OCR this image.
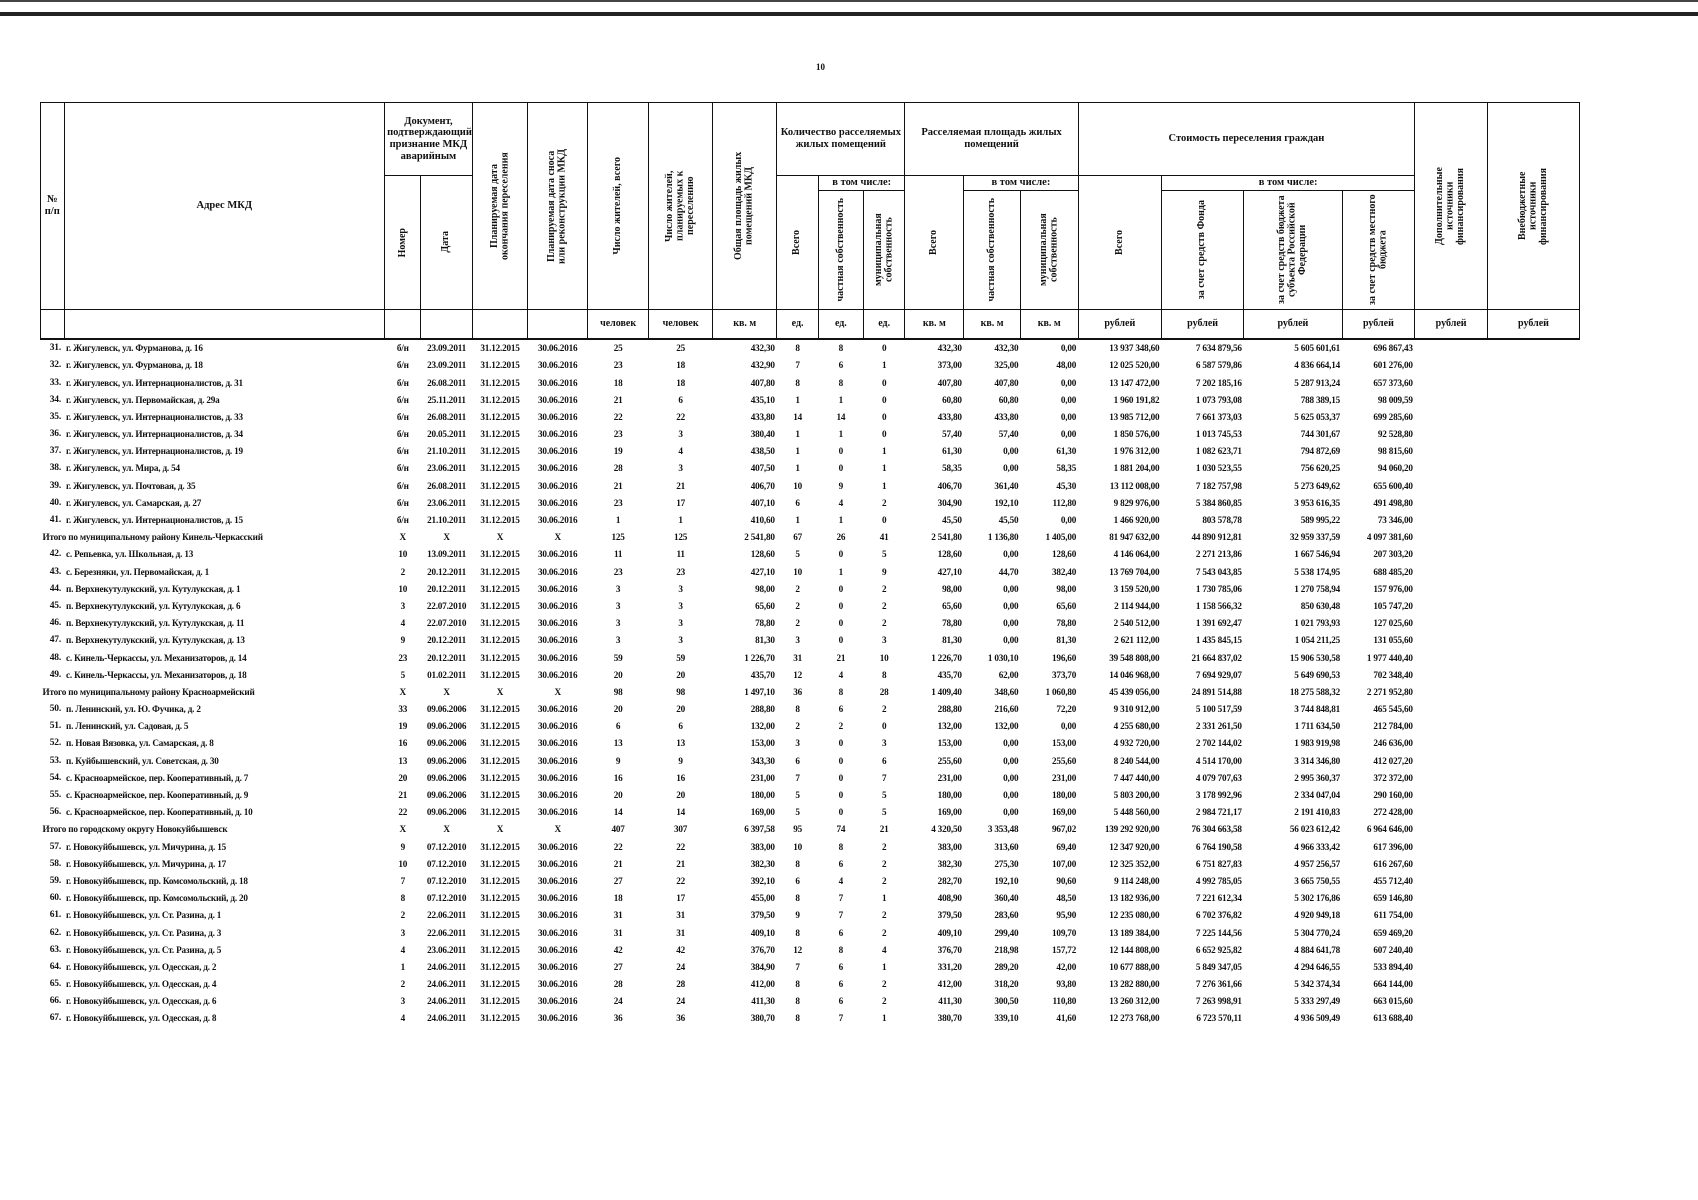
10
№ п/п	Адрес МКД	Документ, подтверждающий признание МКД аварийным		Планируемая дата окончания переселения	Планируемая дата сноса или реконструкции МКД	Число жителей, всего	Число жителей, планируемых к переселению	Общая площадь жилых помещений МКД	Количество расселяемых жилых помещений			Расселяемая площадь жилых помещений			Стоимость переселения граждан				Дополнительные источники финансирования	Внебюджетные источники финансирования

		Номер	Дата						Всего	в том числе:		Всего	в том числе:		Всего	в том числе:				

										частная собственность	муниципальная собственность		частная собственность	муниципальная собственность		за счет средств Фонда	за счет средств бюджета субъекта Российской Федерации	за счет средств местного бюджета		

						человек	человек	кв. м	ед.	ед.	ед.	кв. м	кв. м	кв. м	рублей	рублей	рублей	рублей	рублей	рублей
31.	г. Жигулевск, ул. Фурманова, д. 16	б/н	23.09.2011	31.12.2015	30.06.2016	25	25	432,30	8	8	0	432,30	432,30	0,00	13 937 348,60	7 634 879,56	5 605 601,61	696 867,43		
32.	г. Жигулевск, ул. Фурманова, д. 18	б/н	23.09.2011	31.12.2015	30.06.2016	23	18	432,90	7	6	1	373,00	325,00	48,00	12 025 520,00	6 587 579,86	4 836 664,14	601 276,00		
33.	г. Жигулевск, ул. Интернационалистов, д. 31	б/н	26.08.2011	31.12.2015	30.06.2016	18	18	407,80	8	8	0	407,80	407,80	0,00	13 147 472,00	7 202 185,16	5 287 913,24	657 373,60		
34.	г. Жигулевск, ул. Первомайская, д. 29а	б/н	25.11.2011	31.12.2015	30.06.2016	21	6	435,10	1	1	0	60,80	60,80	0,00	1 960 191,82	1 073 793,08	788 389,15	98 009,59		
35.	г. Жигулевск, ул. Интернационалистов, д. 33	б/н	26.08.2011	31.12.2015	30.06.2016	22	22	433,80	14	14	0	433,80	433,80	0,00	13 985 712,00	7 661 373,03	5 625 053,37	699 285,60		
36.	г. Жигулевск, ул. Интернационалистов, д. 34	б/н	20.05.2011	31.12.2015	30.06.2016	23	3	380,40	1	1	0	57,40	57,40	0,00	1 850 576,00	1 013 745,53	744 301,67	92 528,80		
37.	г. Жигулевск, ул. Интернационалистов, д. 19	б/н	21.10.2011	31.12.2015	30.06.2016	19	4	438,50	1	0	1	61,30	0,00	61,30	1 976 312,00	1 082 623,71	794 872,69	98 815,60		
38.	г. Жигулевск, ул. Мира, д. 54	б/н	23.06.2011	31.12.2015	30.06.2016	28	3	407,50	1	0	1	58,35	0,00	58,35	1 881 204,00	1 030 523,55	756 620,25	94 060,20		
39.	г. Жигулевск, ул. Почтовая, д. 35	б/н	26.08.2011	31.12.2015	30.06.2016	21	21	406,70	10	9	1	406,70	361,40	45,30	13 112 008,00	7 182 757,98	5 273 649,62	655 600,40		
40.	г. Жигулевск, ул. Самарская, д. 27	б/н	23.06.2011	31.12.2015	30.06.2016	23	17	407,10	6	4	2	304,90	192,10	112,80	9 829 976,00	5 384 860,85	3 953 616,35	491 498,80		
41.	г. Жигулевск, ул. Интернационалистов, д. 15	б/н	21.10.2011	31.12.2015	30.06.2016	1	1	410,60	1	1	0	45,50	45,50	0,00	1 466 920,00	803 578,78	589 995,22	73 346,00		
Итого по муниципальному району Кинель-Черкасский		X	X	X	X	125	125	2 541,80	67	26	41	2 541,80	1 136,80	1 405,00	81 947 632,00	44 890 912,81	32 959 337,59	4 097 381,60		
42.	с. Репьевка, ул. Школьная, д. 13	10	13.09.2011	31.12.2015	30.06.2016	11	11	128,60	5	0	5	128,60	0,00	128,60	4 146 064,00	2 271 213,86	1 667 546,94	207 303,20		
43.	с. Березняки, ул. Первомайская, д. 1	2	20.12.2011	31.12.2015	30.06.2016	23	23	427,10	10	1	9	427,10	44,70	382,40	13 769 704,00	7 543 043,85	5 538 174,95	688 485,20		
44.	п. Верхнекутулукский, ул. Кутулукская, д. 1	10	20.12.2011	31.12.2015	30.06.2016	3	3	98,00	2	0	2	98,00	0,00	98,00	3 159 520,00	1 730 785,06	1 270 758,94	157 976,00		
45.	п. Верхнекутулукский, ул. Кутулукская, д. 6	3	22.07.2010	31.12.2015	30.06.2016	3	3	65,60	2	0	2	65,60	0,00	65,60	2 114 944,00	1 158 566,32	850 630,48	105 747,20		
46.	п. Верхнекутулукский, ул. Кутулукская, д. 11	4	22.07.2010	31.12.2015	30.06.2016	3	3	78,80	2	0	2	78,80	0,00	78,80	2 540 512,00	1 391 692,47	1 021 793,93	127 025,60		
47.	п. Верхнекутулукский, ул. Кутулукская, д. 13	9	20.12.2011	31.12.2015	30.06.2016	3	3	81,30	3	0	3	81,30	0,00	81,30	2 621 112,00	1 435 845,15	1 054 211,25	131 055,60		
48.	с. Кинель-Черкассы, ул. Механизаторов, д. 14	23	20.12.2011	31.12.2015	30.06.2016	59	59	1 226,70	31	21	10	1 226,70	1 030,10	196,60	39 548 808,00	21 664 837,02	15 906 530,58	1 977 440,40		
49.	с. Кинель-Черкассы, ул. Механизаторов, д. 18	5	01.02.2011	31.12.2015	30.06.2016	20	20	435,70	12	4	8	435,70	62,00	373,70	14 046 968,00	7 694 929,07	5 649 690,53	702 348,40		
Итого по муниципальному району Красноармейский		X	X	X	X	98	98	1 497,10	36	8	28	1 409,40	348,60	1 060,80	45 439 056,00	24 891 514,88	18 275 588,32	2 271 952,80		
50.	п. Ленинский, ул. Ю. Фучика, д. 2	33	09.06.2006	31.12.2015	30.06.2016	20	20	288,80	8	6	2	288,80	216,60	72,20	9 310 912,00	5 100 517,59	3 744 848,81	465 545,60		
51.	п. Ленинский, ул. Садовая, д. 5	19	09.06.2006	31.12.2015	30.06.2016	6	6	132,00	2	2	0	132,00	132,00	0,00	4 255 680,00	2 331 261,50	1 711 634,50	212 784,00		
52.	п. Новая Вязовка, ул. Самарская, д. 8	16	09.06.2006	31.12.2015	30.06.2016	13	13	153,00	3	0	3	153,00	0,00	153,00	4 932 720,00	2 702 144,02	1 983 919,98	246 636,00		
53.	п. Куйбышевский, ул. Советская, д. 30	13	09.06.2006	31.12.2015	30.06.2016	9	9	343,30	6	0	6	255,60	0,00	255,60	8 240 544,00	4 514 170,00	3 314 346,80	412 027,20		
54.	с. Красноармейское, пер. Кооперативный, д. 7	20	09.06.2006	31.12.2015	30.06.2016	16	16	231,00	7	0	7	231,00	0,00	231,00	7 447 440,00	4 079 707,63	2 995 360,37	372 372,00		
55.	с. Красноармейское, пер. Кооперативный, д. 9	21	09.06.2006	31.12.2015	30.06.2016	20	20	180,00	5	0	5	180,00	0,00	180,00	5 803 200,00	3 178 992,96	2 334 047,04	290 160,00		
56.	с. Красноармейское, пер. Кооперативный, д. 10	22	09.06.2006	31.12.2015	30.06.2016	14	14	169,00	5	0	5	169,00	0,00	169,00	5 448 560,00	2 984 721,17	2 191 410,83	272 428,00		
Итого по городскому округу Новокуйбышевск		X	X	X	X	407	307	6 397,58	95	74	21	4 320,50	3 353,48	967,02	139 292 920,00	76 304 663,58	56 023 612,42	6 964 646,00		
57.	г. Новокуйбышевск, ул. Мичурина, д. 15	9	07.12.2010	31.12.2015	30.06.2016	22	22	383,00	10	8	2	383,00	313,60	69,40	12 347 920,00	6 764 190,58	4 966 333,42	617 396,00		
58.	г. Новокуйбышевск, ул. Мичурина, д. 17	10	07.12.2010	31.12.2015	30.06.2016	21	21	382,30	8	6	2	382,30	275,30	107,00	12 325 352,00	6 751 827,83	4 957 256,57	616 267,60		
59.	г. Новокуйбышевск, пр. Комсомольский, д. 18	7	07.12.2010	31.12.2015	30.06.2016	27	22	392,10	6	4	2	282,70	192,10	90,60	9 114 248,00	4 992 785,05	3 665 750,55	455 712,40		
60.	г. Новокуйбышевск, пр. Комсомольский, д. 20	8	07.12.2010	31.12.2015	30.06.2016	18	17	455,00	8	7	1	408,90	360,40	48,50	13 182 936,00	7 221 612,34	5 302 176,86	659 146,80		
61.	г. Новокуйбышевск, ул. Ст. Разина, д. 1	2	22.06.2011	31.12.2015	30.06.2016	31	31	379,50	9	7	2	379,50	283,60	95,90	12 235 080,00	6 702 376,82	4 920 949,18	611 754,00		
62.	г. Новокуйбышевск, ул. Ст. Разина, д. 3	3	22.06.2011	31.12.2015	30.06.2016	31	31	409,10	8	6	2	409,10	299,40	109,70	13 189 384,00	7 225 144,56	5 304 770,24	659 469,20		
63.	г. Новокуйбышевск, ул. Ст. Разина, д. 5	4	23.06.2011	31.12.2015	30.06.2016	42	42	376,70	12	8	4	376,70	218,98	157,72	12 144 808,00	6 652 925,82	4 884 641,78	607 240,40		
64.	г. Новокуйбышевск, ул. Одесская, д. 2	1	24.06.2011	31.12.2015	30.06.2016	27	24	384,90	7	6	1	331,20	289,20	42,00	10 677 888,00	5 849 347,05	4 294 646,55	533 894,40		
65.	г. Новокуйбышевск, ул. Одесская, д. 4	2	24.06.2011	31.12.2015	30.06.2016	28	28	412,00	8	6	2	412,00	318,20	93,80	13 282 880,00	7 276 361,66	5 342 374,34	664 144,00		
66.	г. Новокуйбышевск, ул. Одесская, д. 6	3	24.06.2011	31.12.2015	30.06.2016	24	24	411,30	8	6	2	411,30	300,50	110,80	13 260 312,00	7 263 998,91	5 333 297,49	663 015,60		
67.	г. Новокуйбышевск, ул. Одесская, д. 8	4	24.06.2011	31.12.2015	30.06.2016	36	36	380,70	8	7	1	380,70	339,10	41,60	12 273 768,00	6 723 570,11	4 936 509,49	613 688,40		
